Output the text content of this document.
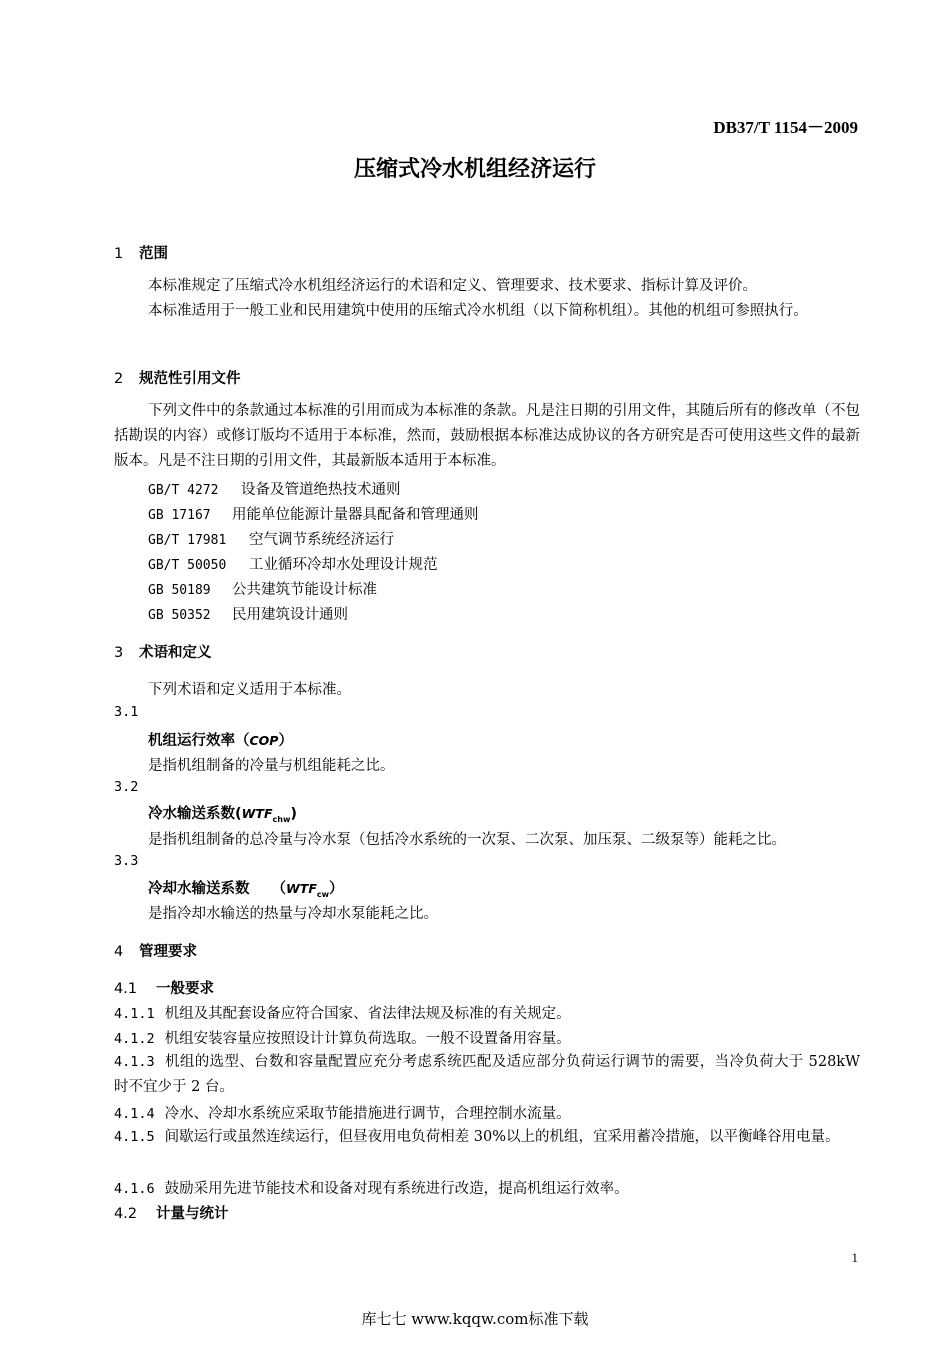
DB37/T 1154－2009
压缩式冷水机组经济运行
1 范围
本标准规定了压缩式冷水机组经济运行的术语和定义、管理要求、技术要求、指标计算及评价。
本标准适用于一般工业和民用建筑中使用的压缩式冷水机组（以下简称机组）。其他的机组可参照执行。
2 规范性引用文件
下列文件中的条款通过本标准的引用而成为本标准的条款。凡是注日期的引用文件，其随后所有的修改单（不包括勘误的内容）或修订版均不适用于本标准，然而，鼓励根据本标准达成协议的各方研究是否可使用这些文件的最新版本。凡是不注日期的引用文件，其最新版本适用于本标准。
GB/T 4272 设备及管道绝热技术通则
GB 17167 用能单位能源计量器具配备和管理通则
GB/T 17981 空气调节系统经济运行
GB/T 50050 工业循环冷却水处理设计规范
GB 50189 公共建筑节能设计标准
GB 50352 民用建筑设计通则
3 术语和定义
下列术语和定义适用于本标准。
3.1
机组运行效率（COP）
是指机组制备的冷量与机组能耗之比。
3.2
冷水输送系数$(WTF_{chw})$
是指机组制备的总冷量与冷水泵（包括冷水系统的一次泵、二次泵、加压泵、二级泵等）能耗之比。
3.3
冷却水输送系数 $(WTF_{cw})$
是指冷却水输送的热量与冷却水泵能耗之比。
4 管理要求
4.1 一般要求
4.1.1 机组及其配套设备应符合国家、省法律法规及标准的有关规定。
4.1.2 机组安装容量应按照设计计算负荷选取。一般不设置备用容量。
4.1.3 机组的选型、台数和容量配置应充分考虑系统匹配及适应部分负荷运行调节的需要，当冷负荷大于 528kW 时不宜少于 2 台。
4.1.4 冷水、冷却水系统应采取节能措施进行调节，合理控制水流量。
4.1.5 间歇运行或虽然连续运行，但昼夜用电负荷相差 30%以上的机组，宜采用蓄冷措施，以平衡峰谷用电量。
4.1.6 鼓励采用先进节能技术和设备对现有系统进行改造，提高机组运行效率。
4.2 计量与统计
1
库七七 www.kqqw.com标准下载
